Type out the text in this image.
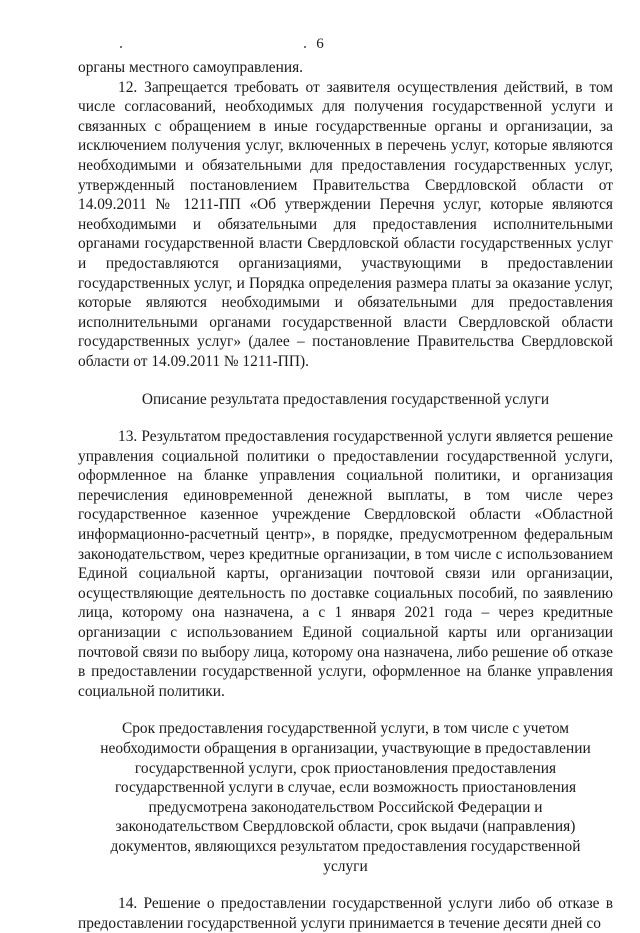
6

органы местного самоуправления.

12. Запрещается требовать от заявителя осуществления действий, в том числе согласований, необходимых для получения государственной услуги и связанных с обращением в иные государственные органы и организации, за исключением получения услуг, включенных в перечень услуг, которые являются необходимыми и обязательными для предоставления государственных услуг, утвержденный постановлением Правительства Свердловской области от 14.09.2011 № 1211-ПП «Об утверждении Перечня услуг, которые являются необходимыми и обязательными для предоставления исполнительными органами государственной власти Свердловской области государственных услуг и предоставляются организациями, участвующими в предоставлении государственных услуг, и Порядка определения размера платы за оказание услуг, которые являются необходимыми и обязательными для предоставления исполнительными органами государственной власти Свердловской области государственных услуг» (далее – постановление Правительства Свердловской области от 14.09.2011 № 1211-ПП).

Описание результата предоставления государственной услуги

13. Результатом предоставления государственной услуги является решение управления социальной политики о предоставлении государственной услуги, оформленное на бланке управления социальной политики, и организация перечисления единовременной денежной выплаты, в том числе через государственное казенное учреждение Свердловской области «Областной информационно-расчетный центр», в порядке, предусмотренном федеральным законодательством, через кредитные организации, в том числе с использованием Единой социальной карты, организации почтовой связи или организации, осуществляющие деятельность по доставке социальных пособий, по заявлению лица, которому она назначена, а с 1 января 2021 года – через кредитные организации с использованием Единой социальной карты или организации почтовой связи по выбору лица, которому она назначена, либо решение об отказе в предоставлении государственной услуги, оформленное на бланке управления социальной политики.

Срок предоставления государственной услуги, в том числе с учетом необходимости обращения в организации, участвующие в предоставлении государственной услуги, срок приостановления предоставления государственной услуги в случае, если возможность приостановления предусмотрена законодательством Российской Федерации и законодательством Свердловской области, срок выдачи (направления) документов, являющихся результатом предоставления государственной услуги

14. Решение о предоставлении государственной услуги либо об отказе в предоставлении государственной услуги принимается в течение десяти дней со
